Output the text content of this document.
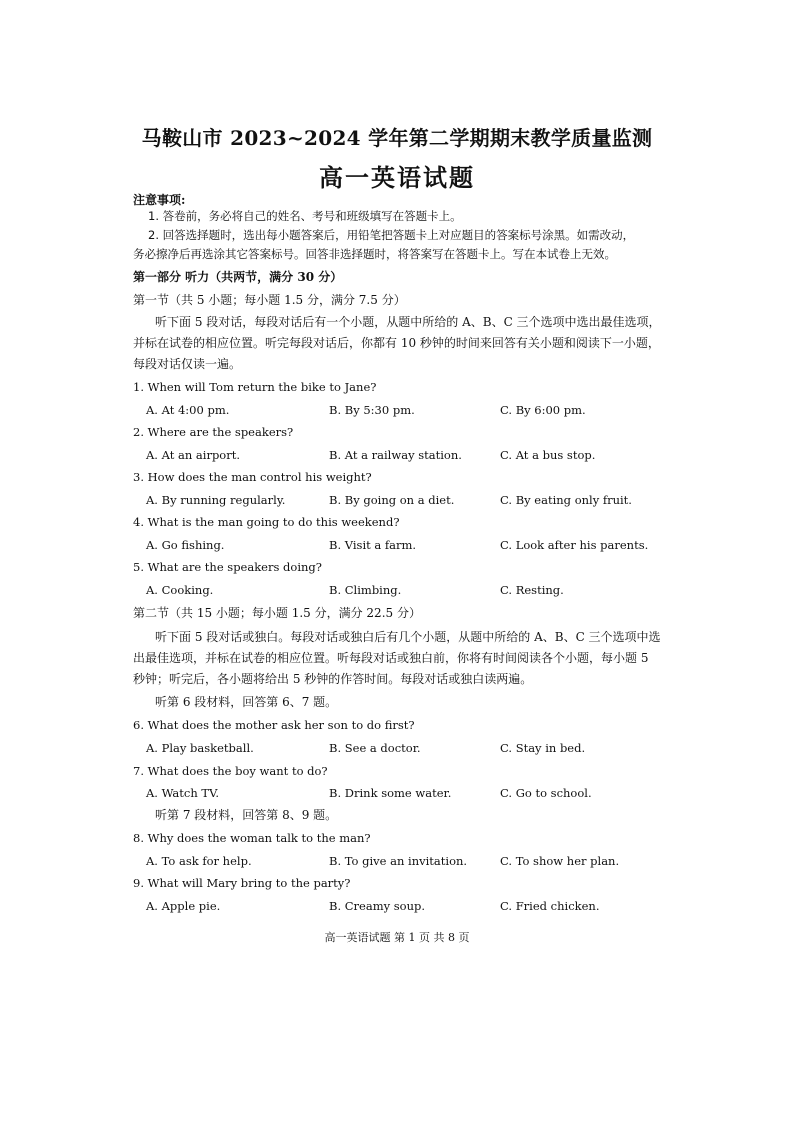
马鞍山市 2023~2024 学年第二学期期末教学质量监测
高一英语试题
注意事项:
1. 答卷前，务必将自己的姓名、考号和班级填写在答题卡上。
2. 回答选择题时，选出每小题答案后，用铅笔把答题卡上对应题目的答案标号涂黑。如需改动，
务必擦净后再选涂其它答案标号。回答非选择题时，将答案写在答题卡上。写在本试卷上无效。
第一部分 听力（共两节，满分 30 分）
第一节（共 5 小题；每小题 1.5 分，满分 7.5 分）
听下面 5 段对话，每段对话后有一个小题，从题中所给的 A、B、C 三个选项中选出最佳选项，
并标在试卷的相应位置。听完每段对话后，你都有 10 秒钟的时间来回答有关小题和阅读下一小题，
每段对话仅读一遍。
1. When will Tom return the bike to Jane?
A. At 4:00 pm.	B. By 5:30 pm.	C. By 6:00 pm.
2. Where are the speakers?
A. At an airport.	B. At a railway station.	C. At a bus stop.
3. How does the man control his weight?
A. By running regularly.	B. By going on a diet.	C. By eating only fruit.
4. What is the man going to do this weekend?
A. Go fishing.	B. Visit a farm.	C. Look after his parents.
5. What are the speakers doing?
A. Cooking.	B. Climbing.	C. Resting.
第二节（共 15 小题；每小题 1.5 分，满分 22.5 分）
听下面 5 段对话或独白。每段对话或独白后有几个小题，从题中所给的 A、B、C 三个选项中选
出最佳选项，并标在试卷的相应位置。听每段对话或独白前，你将有时间阅读各个小题，每小题 5
秒钟；听完后，各小题将给出 5 秒钟的作答时间。每段对话或独白读两遍。
听第 6 段材料，回答第 6、7 题。
6. What does the mother ask her son to do first?
A. Play basketball.	B. See a doctor.	C. Stay in bed.
7. What does the boy want to do?
A. Watch TV.	B. Drink some water.	C. Go to school.
听第 7 段材料，回答第 8、9 题。
8. Why does the woman talk to the man?
A. To ask for help.	B. To give an invitation.	C. To show her plan.
9. What will Mary bring to the party?
A. Apple pie.	B. Creamy soup.	C. Fried chicken.
高一英语试题 第 1 页 共 8 页
